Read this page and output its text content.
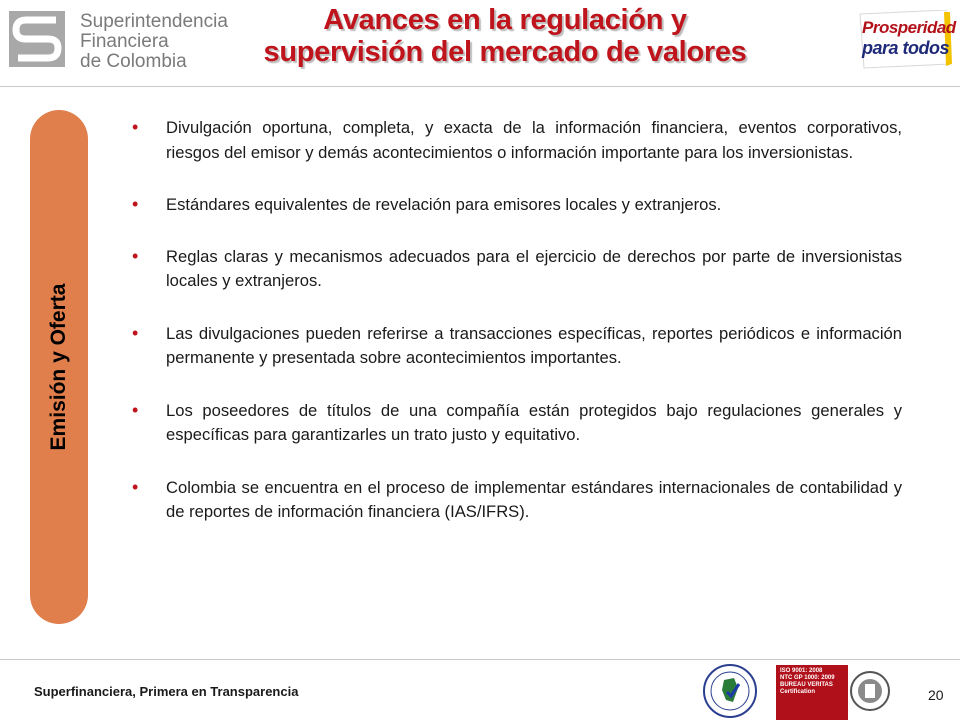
Superintendencia
Financiera
de Colombia
Avances en la regulación y
supervisión del mercado de valores
Prosperidad
para todos
Emisión y Oferta
• Divulgación oportuna, completa, y exacta de la información financiera, eventos corporativos, riesgos del emisor y demás acontecimientos o información importante para los inversionistas.
• Estándares equivalentes de revelación para emisores locales y extranjeros.
• Reglas claras y mecanismos adecuados para el ejercicio de derechos por parte de inversionistas locales y extranjeros.
• Las divulgaciones pueden referirse a transacciones específicas, reportes periódicos e información permanente y presentada sobre acontecimientos importantes.
• Los poseedores de títulos de una compañía están protegidos bajo regulaciones generales y específicas para garantizarles un trato justo y equitativo.
• Colombia se encuentra en el proceso de implementar estándares internacionales de contabilidad y de reportes de información financiera (IAS/IFRS).
Superfinanciera, Primera en Transparencia
ISO 9001: 2008
NTC GP 1000: 2009
BUREAU VERITAS
Certification	20
